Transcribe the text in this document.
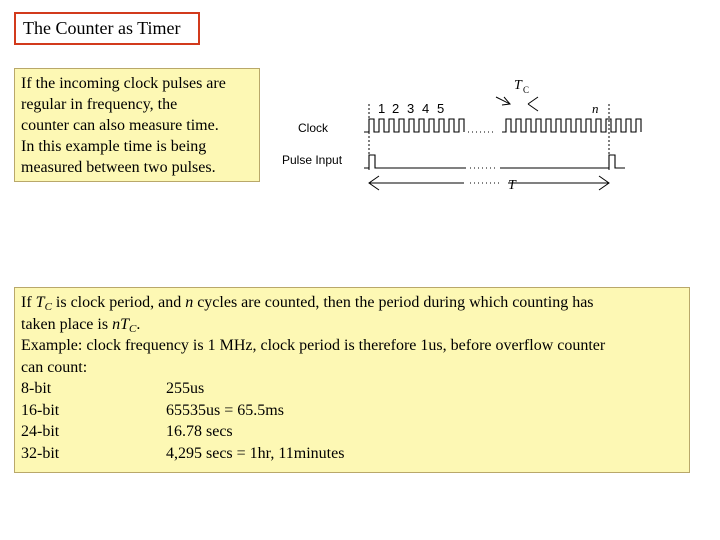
The Counter as Timer
If the incoming clock pulses are
regular in frequency, the
counter can also measure time.
In this example time is being
measured between two pulses.
T C
1 2 3 4 5	n
Clock
Pulse Input
T
If $T_C$ is clock period, and n cycles are counted, then the period during which counting has
taken place is $nT_C$.
Example: clock frequency is 1 MHz, clock period is therefore 1us, before overflow counter
can count:
8-bit	255us
16-bit	65535us = 65.5ms
24-bit	16.78 secs
32-bit	4,295 secs = 1hr, 11minutes
